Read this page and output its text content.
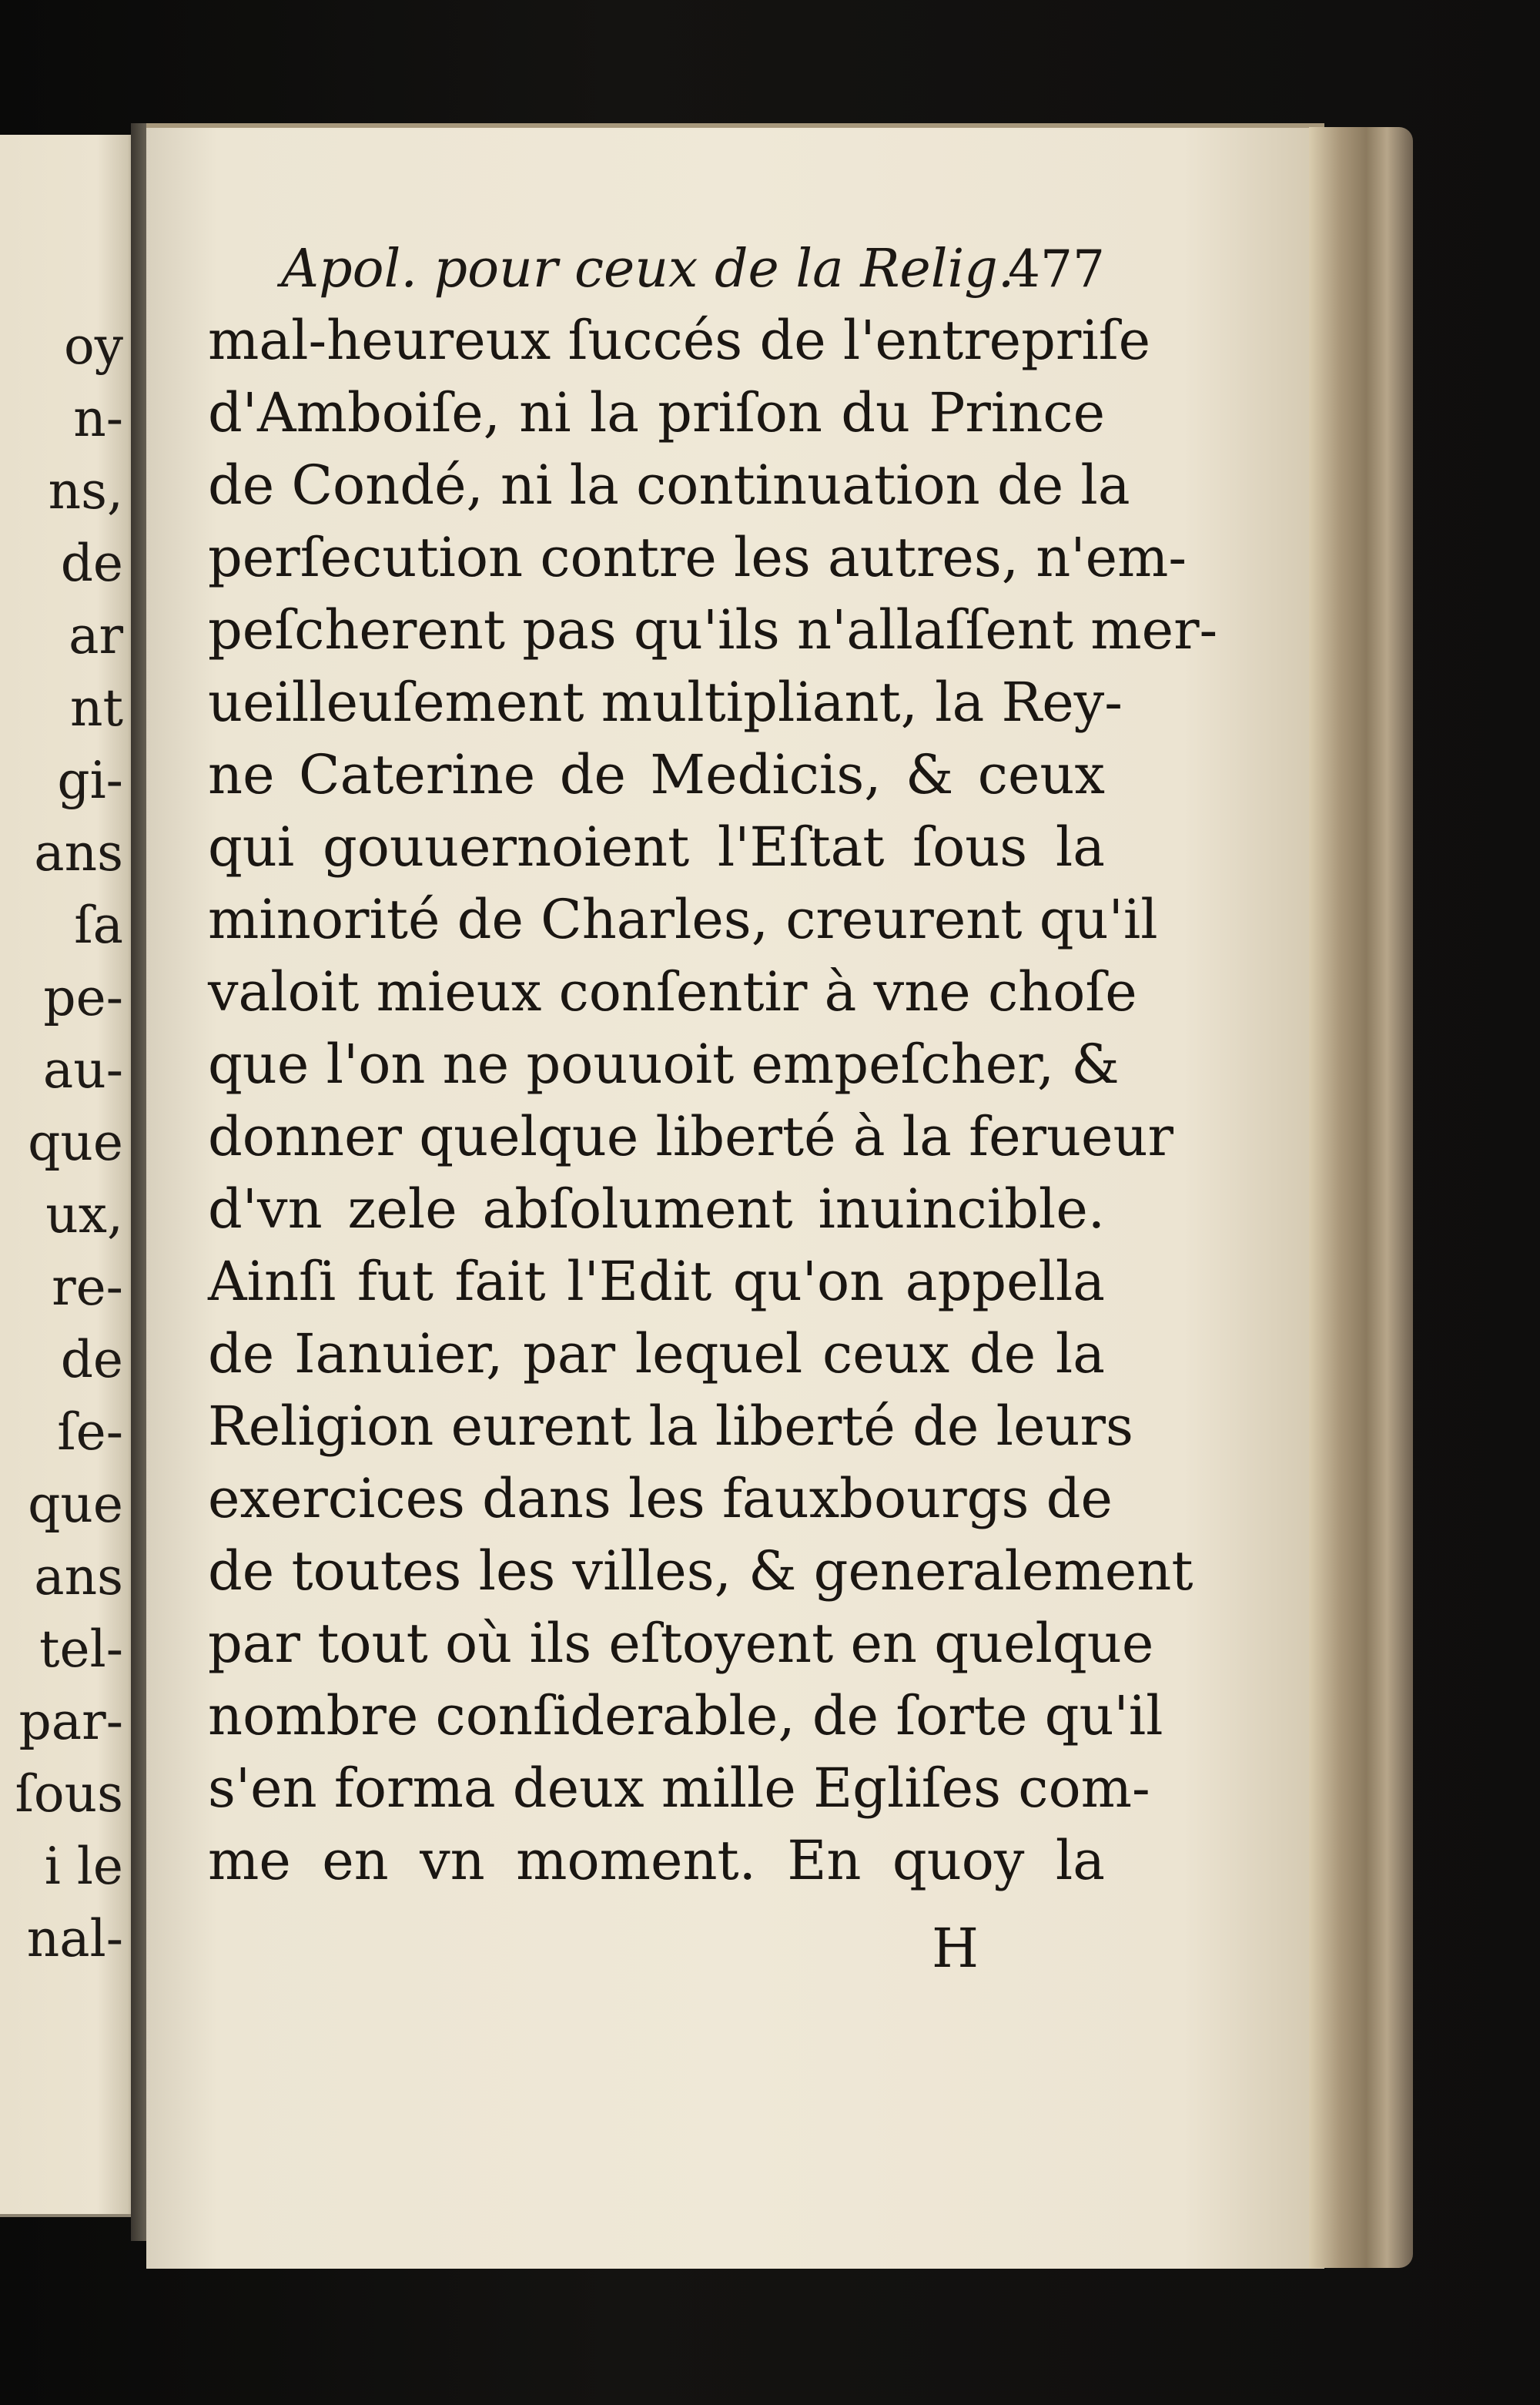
oy
n-
ns,
de
ar
nt
gi-
ans
ſa
pe-
au-
que
ux,
re-
de
ſe-
que
ans
tel-
par-
ſous
i le
nal-
Apol. pour ceux de la Relig.
477
mal-heureux ſuccés de l'entrepriſe
d'Amboiſe, ni la priſon du Prince
de Condé, ni la continuation de la
perſecution contre les autres, n'em-
peſcherent pas qu'ils n'allaſſent mer-
ueilleuſement multipliant, la Rey-
ne Caterine de Medicis, & ceux
qui gouuernoient l'Eſtat ſous la
minorité de Charles, creurent qu'il
valoit mieux conſentir à vne choſe
que l'on ne pouuoit empeſcher, &
donner quelque liberté à la ferueur
d'vn zele abſolument inuincible.
Ainſi fut fait l'Edit qu'on appella
de Ianuier, par lequel ceux de la
Religion eurent la liberté de leurs
exercices dans les fauxbourgs de
de toutes les villes, & generalement
par tout où ils eſtoyent en quelque
nombre conſiderable, de ſorte qu'il
s'en forma deux mille Egliſes com-
me en vn moment. En quoy la
H
